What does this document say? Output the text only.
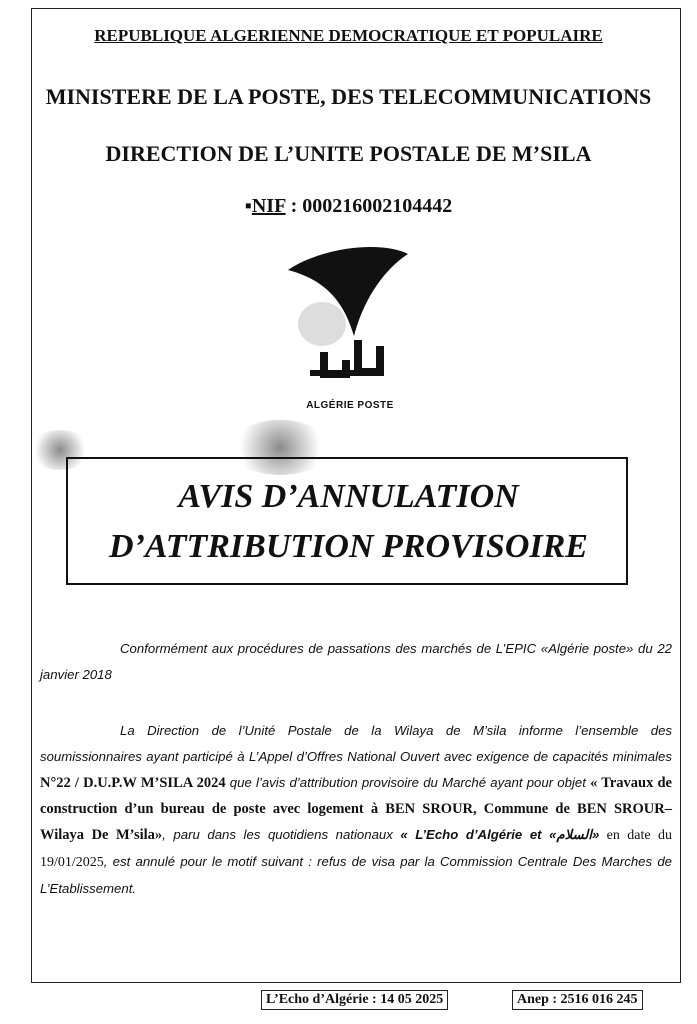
REPUBLIQUE ALGERIENNE DEMOCRATIQUE ET POPULAIRE
MINISTERE DE LA POSTE, DES TELECOMMUNICATIONS
DIRECTION DE L’UNITE POSTALE DE M’SILA
▪NIF : 000216002104442
ALGÉRIE POSTE
AVIS D’ANNULATION
D’ATTRIBUTION PROVISOIRE
Conformément aux procédures de passations des marchés de L’EPIC «Algérie poste» du 22 janvier 2018
La Direction de l’Unité Postale de la Wilaya de M’sila informe l’ensemble des soumissionnaires ayant participé à L’Appel d’Offres National Ouvert avec exigence de capacités minimales N°22 / D.U.P.W M’SILA 2024 que l’avis d’attribution provisoire du Marché ayant pour objet « Travaux de construction d’un bureau de poste avec logement à BEN SROUR, Commune de BEN SROUR– Wilaya De M’sila», paru dans les quotidiens nationaux « L’Echo d’Algérie et «السلام» en date du 19/01/2025, est annulé pour le motif suivant : refus de visa par la Commission Centrale Des Marches de L’Etablissement.
L’Echo d’Algérie : 14 05 2025	Anep : 2516 016 245
